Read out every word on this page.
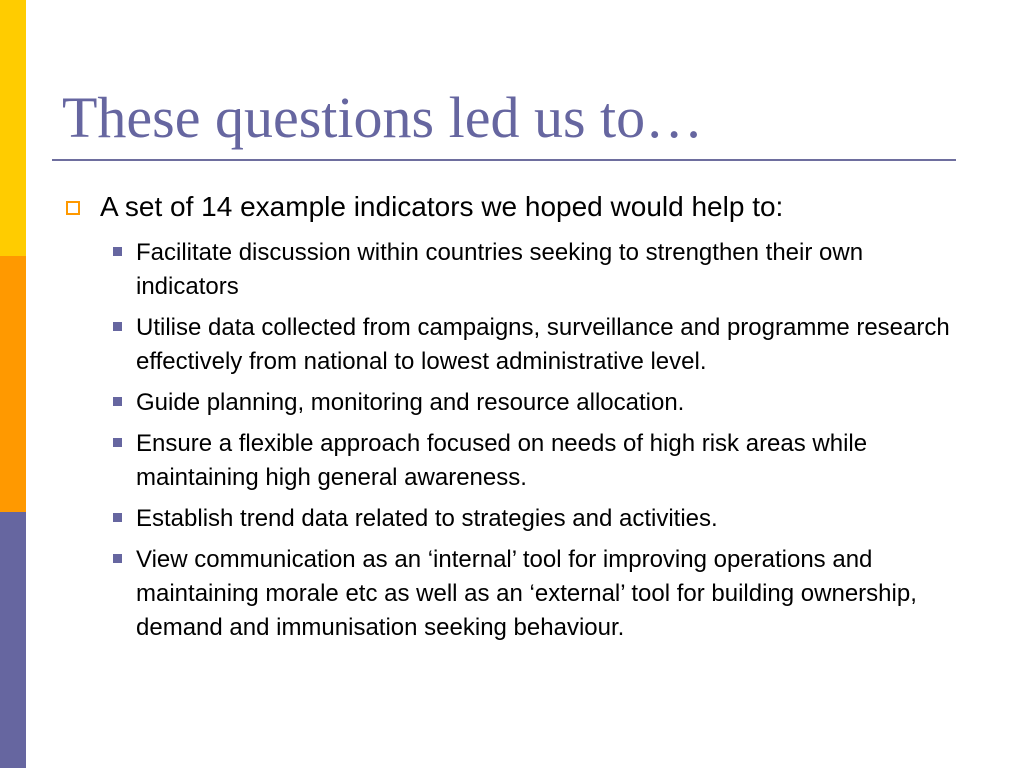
These questions led us to…
A set of 14 example indicators we hoped would help to:
Facilitate discussion within countries seeking to strengthen their own indicators
Utilise data collected from campaigns, surveillance and programme research effectively from national to lowest administrative level.
Guide planning, monitoring and resource allocation.
Ensure a flexible approach focused on needs of high risk areas while maintaining high general awareness.
Establish trend data related to strategies and activities.
View communication as an ‘internal’ tool for improving operations and maintaining morale etc as well as an ‘external’ tool for building ownership, demand and immunisation seeking behaviour.
